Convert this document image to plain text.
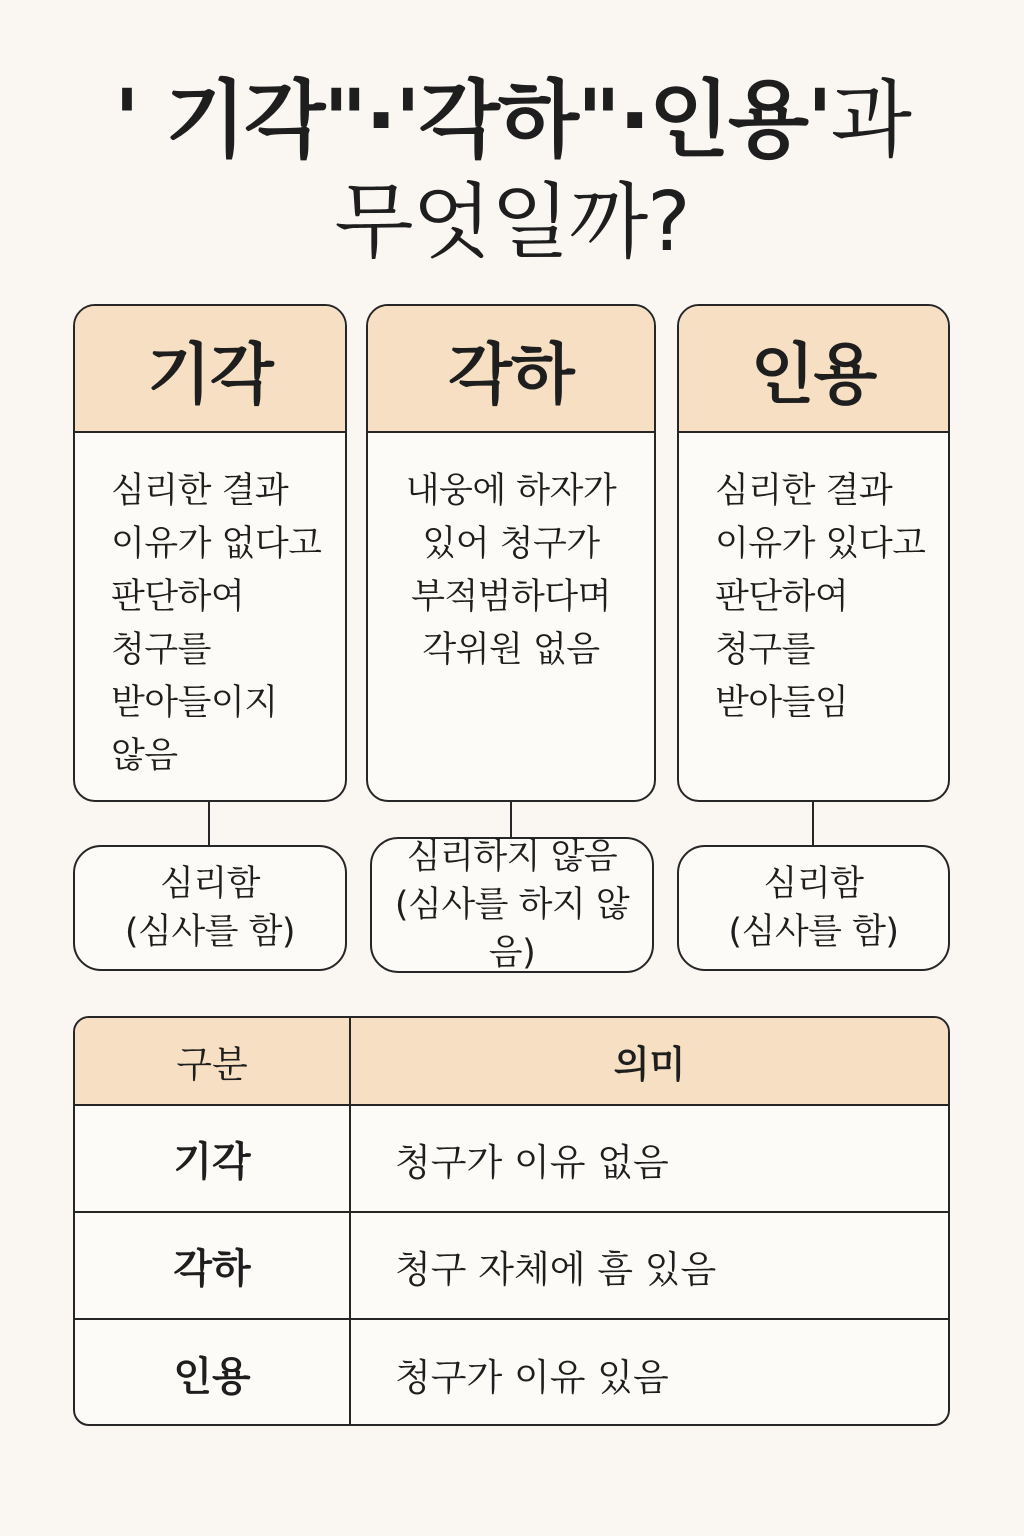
' 기각"·'각하"·인용'과
무엇일까?
기각
심리한 결과
이유가 없다고
판단하여
청구를
받아들이지
않음
심리함
(심사를 함)
각하
내웅에 하자가
있어 청구가
부적범하다며
각위원 없음
심리하지 않음
(심사를 하지 않음)
인용
심리한 결과
이유가 있다고
판단하여
청구를
받아들임
심리함
(심사를 함)
구분	의미
기각	청구가 이유 없음
각하	청구 자체에 흠 있음
인용	청구가 이유 있음
